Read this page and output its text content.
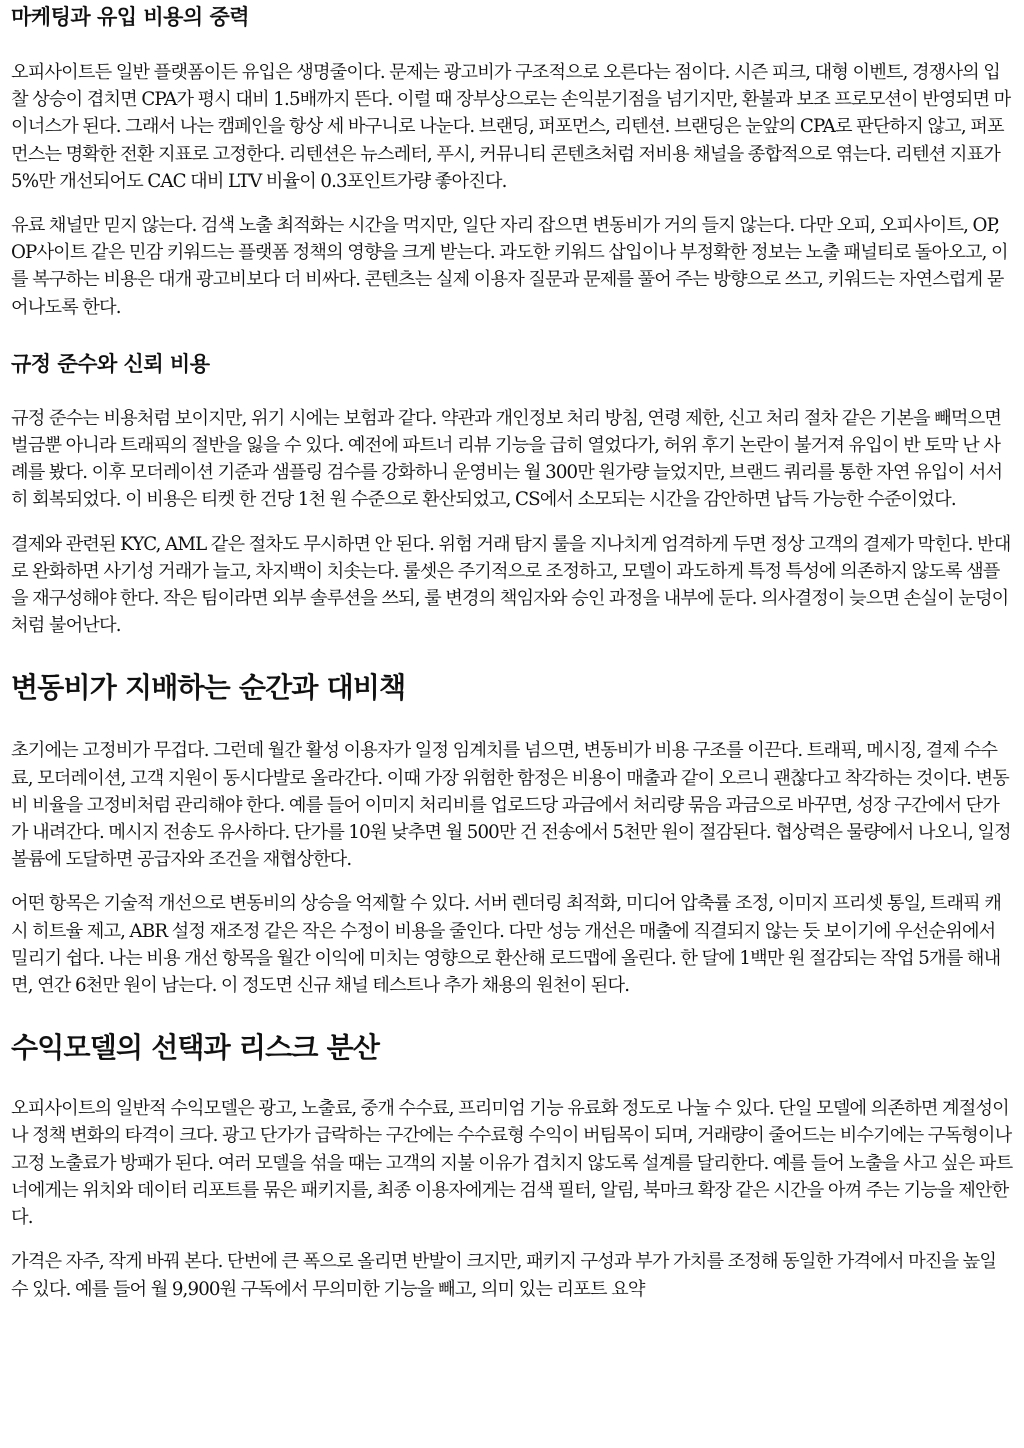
마케팅과 유입 비용의 중력

오피사이트든 일반 플랫폼이든 유입은 생명줄이다. 문제는 광고비가 구조적으로 오른다는 점이다. 시즌 피크, 대형 이벤트, 경쟁사의 입찰 상승이 겹치면 CPA가 평시 대비 1.5배까지 뜬다. 이럴 때 장부상으로는 손익분기점을 넘기지만, 환불과 보조 프로모션이 반영되면 마이너스가 된다. 그래서 나는 캠페인을 항상 세 바구니로 나눈다. 브랜딩, 퍼포먼스, 리텐션. 브랜딩은 눈앞의 CPA로 판단하지 않고, 퍼포먼스는 명확한 전환 지표로 고정한다. 리텐션은 뉴스레터, 푸시, 커뮤니티 콘텐츠처럼 저비용 채널을 종합적으로 엮는다. 리텐션 지표가 5%만 개선되어도 CAC 대비 LTV 비율이 0.3포인트가량 좋아진다.

유료 채널만 믿지 않는다. 검색 노출 최적화는 시간을 먹지만, 일단 자리 잡으면 변동비가 거의 들지 않는다. 다만 오피, 오피사이트, OP, OP사이트 같은 민감 키워드는 플랫폼 정책의 영향을 크게 받는다. 과도한 키워드 삽입이나 부정확한 정보는 노출 패널티로 돌아오고, 이를 복구하는 비용은 대개 광고비보다 더 비싸다. 콘텐츠는 실제 이용자 질문과 문제를 풀어 주는 방향으로 쓰고, 키워드는 자연스럽게 묻어나도록 한다.

규정 준수와 신뢰 비용

규정 준수는 비용처럼 보이지만, 위기 시에는 보험과 같다. 약관과 개인정보 처리 방침, 연령 제한, 신고 처리 절차 같은 기본을 빼먹으면 벌금뿐 아니라 트래픽의 절반을 잃을 수 있다. 예전에 파트너 리뷰 기능을 급히 열었다가, 허위 후기 논란이 불거져 유입이 반 토막 난 사례를 봤다. 이후 모더레이션 기준과 샘플링 검수를 강화하니 운영비는 월 300만 원가량 늘었지만, 브랜드 쿼리를 통한 자연 유입이 서서히 회복되었다. 이 비용은 티켓 한 건당 1천 원 수준으로 환산되었고, CS에서 소모되는 시간을 감안하면 납득 가능한 수준이었다.

결제와 관련된 KYC, AML 같은 절차도 무시하면 안 된다. 위험 거래 탐지 룰을 지나치게 엄격하게 두면 정상 고객의 결제가 막힌다. 반대로 완화하면 사기성 거래가 늘고, 차지백이 치솟는다. 룰셋은 주기적으로 조정하고, 모델이 과도하게 특정 특성에 의존하지 않도록 샘플을 재구성해야 한다. 작은 팀이라면 외부 솔루션을 쓰되, 룰 변경의 책임자와 승인 과정을 내부에 둔다. 의사결정이 늦으면 손실이 눈덩이처럼 불어난다.

변동비가 지배하는 순간과 대비책

초기에는 고정비가 무겁다. 그런데 월간 활성 이용자가 일정 임계치를 넘으면, 변동비가 비용 구조를 이끈다. 트래픽, 메시징, 결제 수수료, 모더레이션, 고객 지원이 동시다발로 올라간다. 이때 가장 위험한 함정은 비용이 매출과 같이 오르니 괜찮다고 착각하는 것이다. 변동비 비율을 고정비처럼 관리해야 한다. 예를 들어 이미지 처리비를 업로드당 과금에서 처리량 묶음 과금으로 바꾸면, 성장 구간에서 단가가 내려간다. 메시지 전송도 유사하다. 단가를 10원 낮추면 월 500만 건 전송에서 5천만 원이 절감된다. 협상력은 물량에서 나오니, 일정 볼륨에 도달하면 공급자와 조건을 재협상한다.

어떤 항목은 기술적 개선으로 변동비의 상승을 억제할 수 있다. 서버 렌더링 최적화, 미디어 압축률 조정, 이미지 프리셋 통일, 트래픽 캐시 히트율 제고, ABR 설정 재조정 같은 작은 수정이 비용을 줄인다. 다만 성능 개선은 매출에 직결되지 않는 듯 보이기에 우선순위에서 밀리기 쉽다. 나는 비용 개선 항목을 월간 이익에 미치는 영향으로 환산해 로드맵에 올린다. 한 달에 1백만 원 절감되는 작업 5개를 해내면, 연간 6천만 원이 남는다. 이 정도면 신규 채널 테스트나 추가 채용의 원천이 된다.

수익모델의 선택과 리스크 분산

오피사이트의 일반적 수익모델은 광고, 노출료, 중개 수수료, 프리미엄 기능 유료화 정도로 나눌 수 있다. 단일 모델에 의존하면 계절성이나 정책 변화의 타격이 크다. 광고 단가가 급락하는 구간에는 수수료형 수익이 버팀목이 되며, 거래량이 줄어드는 비수기에는 구독형이나 고정 노출료가 방패가 된다. 여러 모델을 섞을 때는 고객의 지불 이유가 겹치지 않도록 설계를 달리한다. 예를 들어 노출을 사고 싶은 파트너에게는 위치와 데이터 리포트를 묶은 패키지를, 최종 이용자에게는 검색 필터, 알림, 북마크 확장 같은 시간을 아껴 주는 기능을 제안한다.

가격은 자주, 작게 바꿔 본다. 단번에 큰 폭으로 올리면 반발이 크지만, 패키지 구성과 부가 가치를 조정해 동일한 가격에서 마진을 높일 수 있다. 예를 들어 월 9,900원 구독에서 무의미한 기능을 빼고, 의미 있는 리포트 요약
